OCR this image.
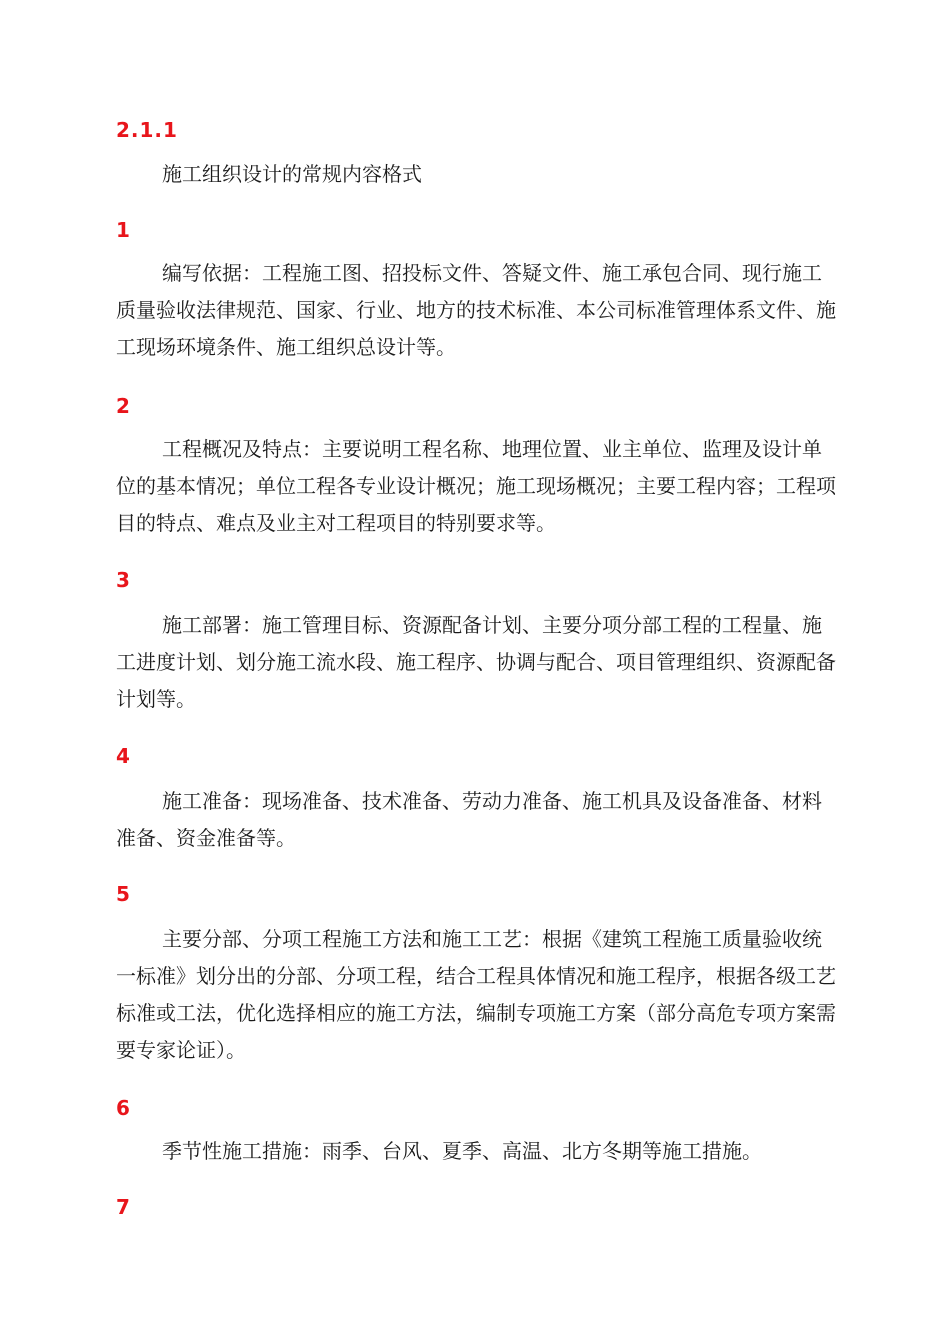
2.1.1
施工组织设计的常规内容格式
1
编写依据：工程施工图、招投标文件、答疑文件、施工承包合同、现行施工质量验收法律规范、国家、行业、地方的技术标准、本公司标准管理体系文件、施工现场环境条件、施工组织总设计等。
2
工程概况及特点：主要说明工程名称、地理位置、业主单位、监理及设计单位的基本情况；单位工程各专业设计概况；施工现场概况；主要工程内容；工程项目的特点、难点及业主对工程项目的特别要求等。
3
施工部署：施工管理目标、资源配备计划、主要分项分部工程的工程量、施工进度计划、划分施工流水段、施工程序、协调与配合、项目管理组织、资源配备计划等。
4
施工准备：现场准备、技术准备、劳动力准备、施工机具及设备准备、材料准备、资金准备等。
5
主要分部、分项工程施工方法和施工工艺：根据《建筑工程施工质量验收统一标准》划分出的分部、分项工程，结合工程具体情况和施工程序，根据各级工艺标准或工法，优化选择相应的施工方法，编制专项施工方案（部分高危专项方案需要专家论证）。
6
季节性施工措施：雨季、台风、夏季、高温、北方冬期等施工措施。
7
